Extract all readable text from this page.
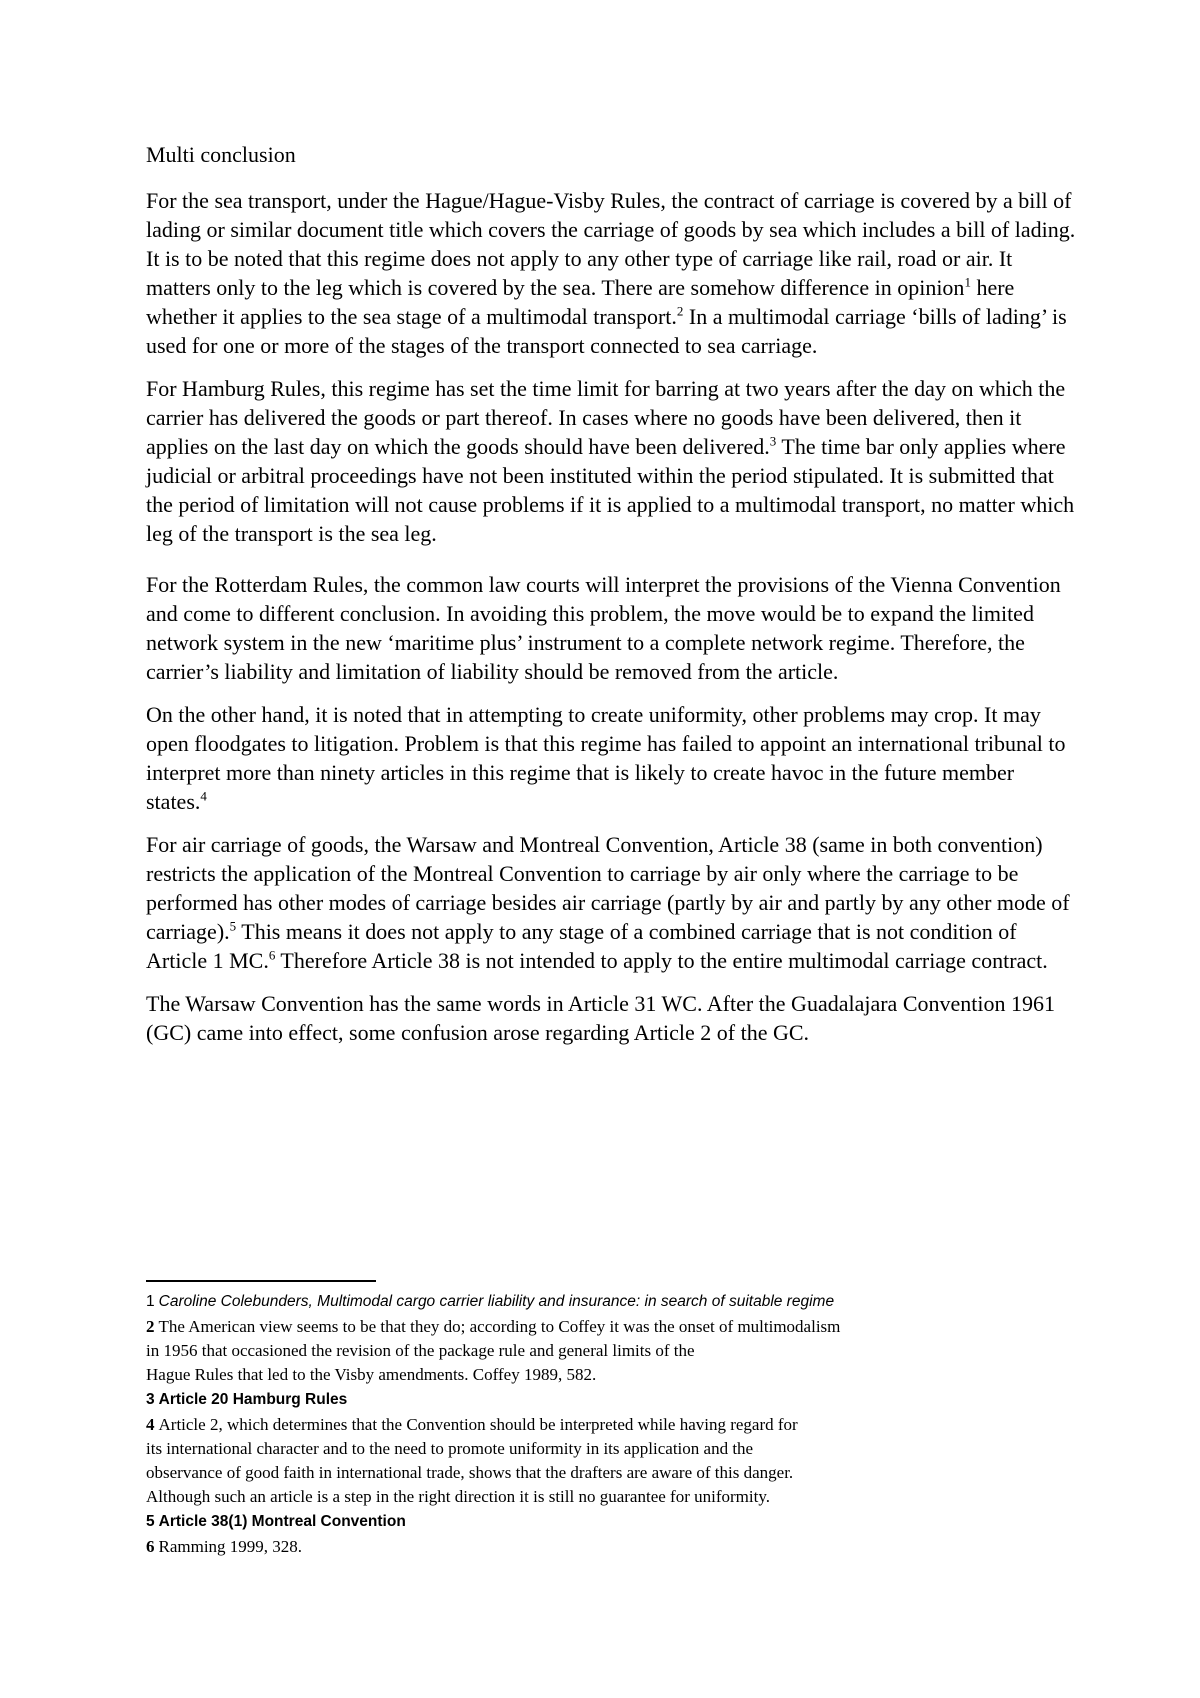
Multi conclusion
For the sea transport, under the Hague/Hague-Visby Rules, the contract of carriage is covered by a bill of lading or similar document title which covers the carriage of goods by sea which includes a bill of lading. It is to be noted that this regime does not apply to any other type of carriage like rail, road or air. It matters only to the leg which is covered by the sea. There are somehow difference in opinion$^1$ here whether it applies to the sea stage of a multimodal transport.$^2$ In a multimodal carriage ‘bills of lading’ is used for one or more of the stages of the transport connected to sea carriage.
For Hamburg Rules, this regime has set the time limit for barring at two years after the day on which the carrier has delivered the goods or part thereof. In cases where no goods have been delivered, then it applies on the last day on which the goods should have been delivered.$^3$ The time bar only applies where judicial or arbitral proceedings have not been instituted within the period stipulated. It is submitted that the period of limitation will not cause problems if it is applied to a multimodal transport, no matter which leg of the transport is the sea leg.
For the Rotterdam Rules, the common law courts will interpret the provisions of the Vienna Convention and come to different conclusion. In avoiding this problem, the move would be to expand the limited network system in the new ‘maritime plus’ instrument to a complete network regime. Therefore, the carrier’s liability and limitation of liability should be removed from the article.
On the other hand, it is noted that in attempting to create uniformity, other problems may crop. It may open floodgates to litigation. Problem is that this regime has failed to appoint an international tribunal to interpret more than ninety articles in this regime that is likely to create havoc in the future member states.$^4$
For air carriage of goods, the Warsaw and Montreal Convention, Article 38 (same in both convention) restricts the application of the Montreal Convention to carriage by air only where the carriage to be performed has other modes of carriage besides air carriage (partly by air and partly by any other mode of carriage).$^5$ This means it does not apply to any stage of a combined carriage that is not condition of Article 1 MC.$^6$ Therefore Article 38 is not intended to apply to the entire multimodal carriage contract.
The Warsaw Convention has the same words in Article 31 WC. After the Guadalajara Convention 1961 (GC) came into effect, some confusion arose regarding Article 2 of the GC.
1 Caroline Colebunders, Multimodal cargo carrier liability and insurance: in search of suitable regime
2 The American view seems to be that they do; according to Coffey it was the onset of multimodalism
in 1956 that occasioned the revision of the package rule and general limits of the
Hague Rules that led to the Visby amendments. Coffey 1989, 582.
3 Article 20 Hamburg Rules
4 Article 2, which determines that the Convention should be interpreted while having regard for
its international character and to the need to promote uniformity in its application and the
observance of good faith in international trade, shows that the drafters are aware of this danger.
Although such an article is a step in the right direction it is still no guarantee for uniformity.
5 Article 38(1) Montreal Convention
6 Ramming 1999, 328.
